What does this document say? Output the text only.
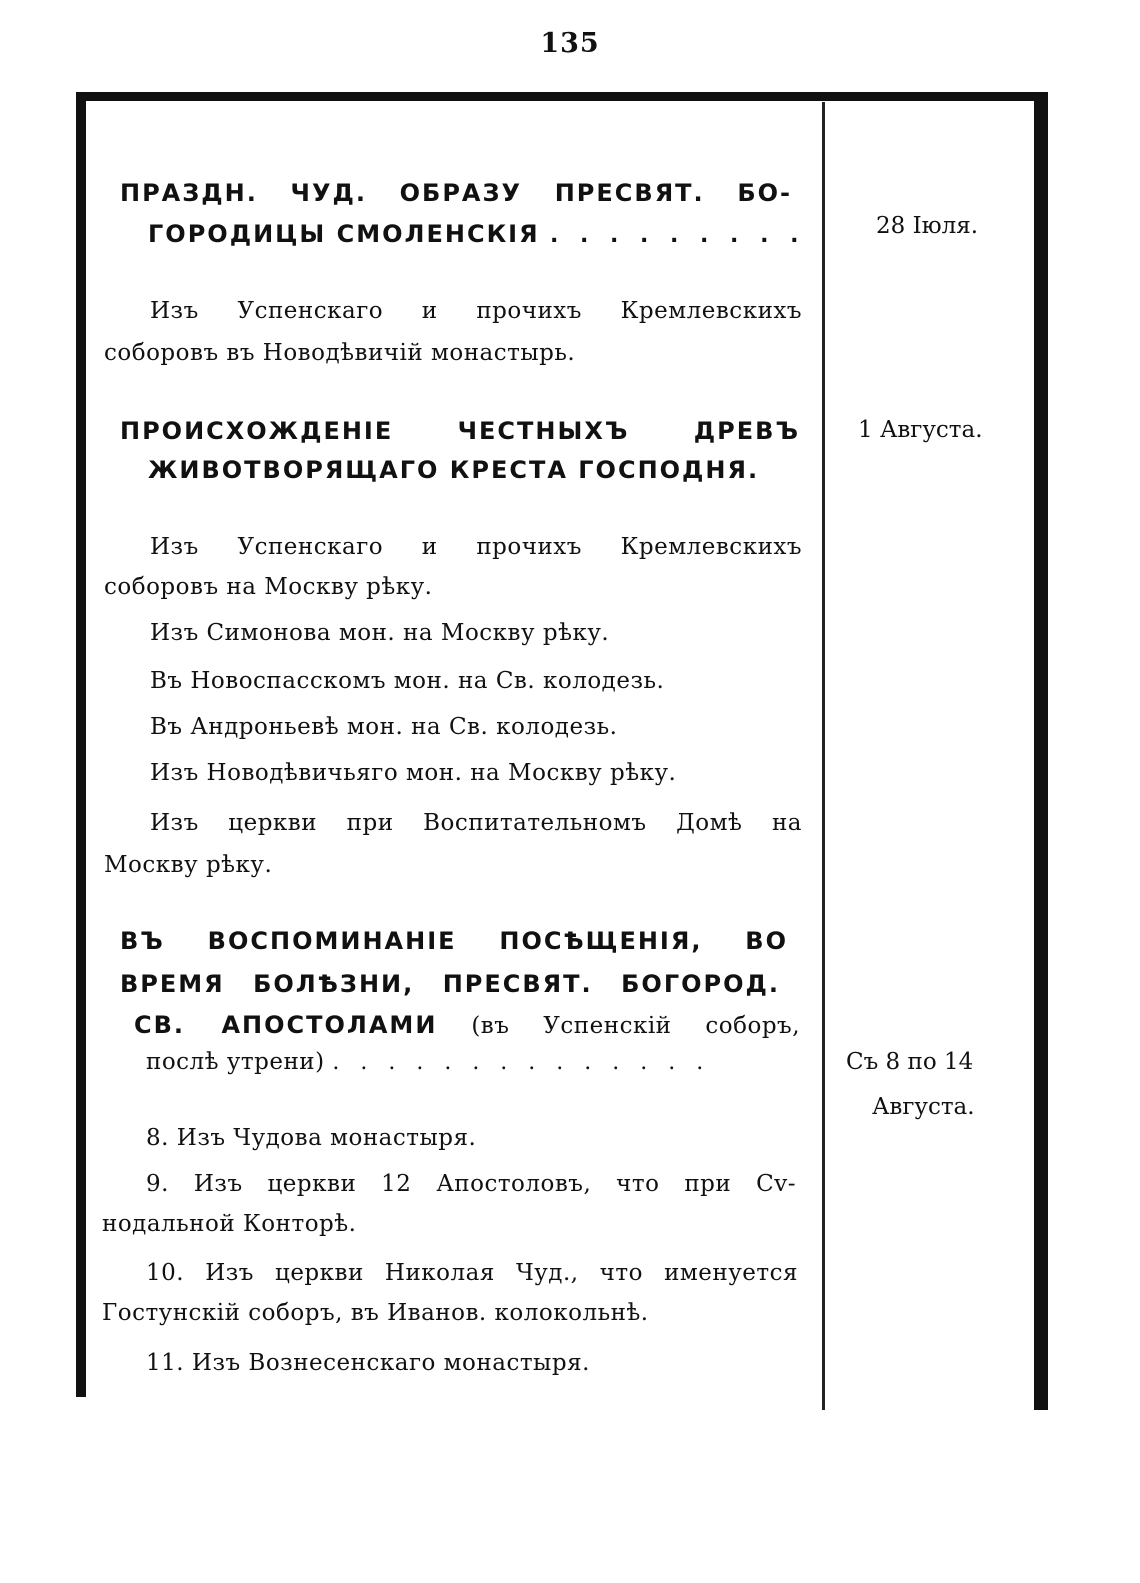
135
ПРАЗДН. ЧУД. ОБРАЗУ ПРЕСВЯТ. БО-
ГОРОДИЦЫ СМОЛЕНСКІЯ . . . . . . . . .	28 Іюля.
Изъ Успенскаго и прочихъ Кремлевскихъ
соборовъ въ Новодѣвичій монастырь.
ПРОИСХОЖДЕНІЕ ЧЕСТНЫХЪ ДРЕВЪ
ЖИВОТВОРЯЩАГО КРЕСТА ГОСПОДНЯ.
1 Августа.
Изъ Успенскаго и прочихъ Кремлевскихъ
соборовъ на Москву рѣку.
Изъ Симонова мон. на Москву рѣку.
Въ Новоспасскомъ мон. на Св. колодезь.
Въ Андроньевѣ мон. на Св. колодезь.
Изъ Новодѣвичьяго мон. на Москву рѣку.
Изъ церкви при Воспитательномъ Домѣ на
Москву рѣку.
ВЪ ВОСПОМИНАНІЕ ПОСѢЩЕНІЯ, ВО
ВРЕМЯ БОЛѢЗНИ, ПРЕСВЯТ. БОГОРОД.
СВ. АПОСТОЛАМИ (въ Успенскій соборъ,
послѣ утрени) . . . . . . . . . . . . . .	Съ 8 по 14
Августа.
8. Изъ Чудова монастыря.
9. Изъ церкви 12 Апостоловъ, что при Сv-
нодальной Конторѣ.
10. Изъ церкви Николая Чуд., что именуется
Гостунскій соборъ, въ Иванов. колокольнѣ.
11. Изъ Вознесенскаго монастыря.
